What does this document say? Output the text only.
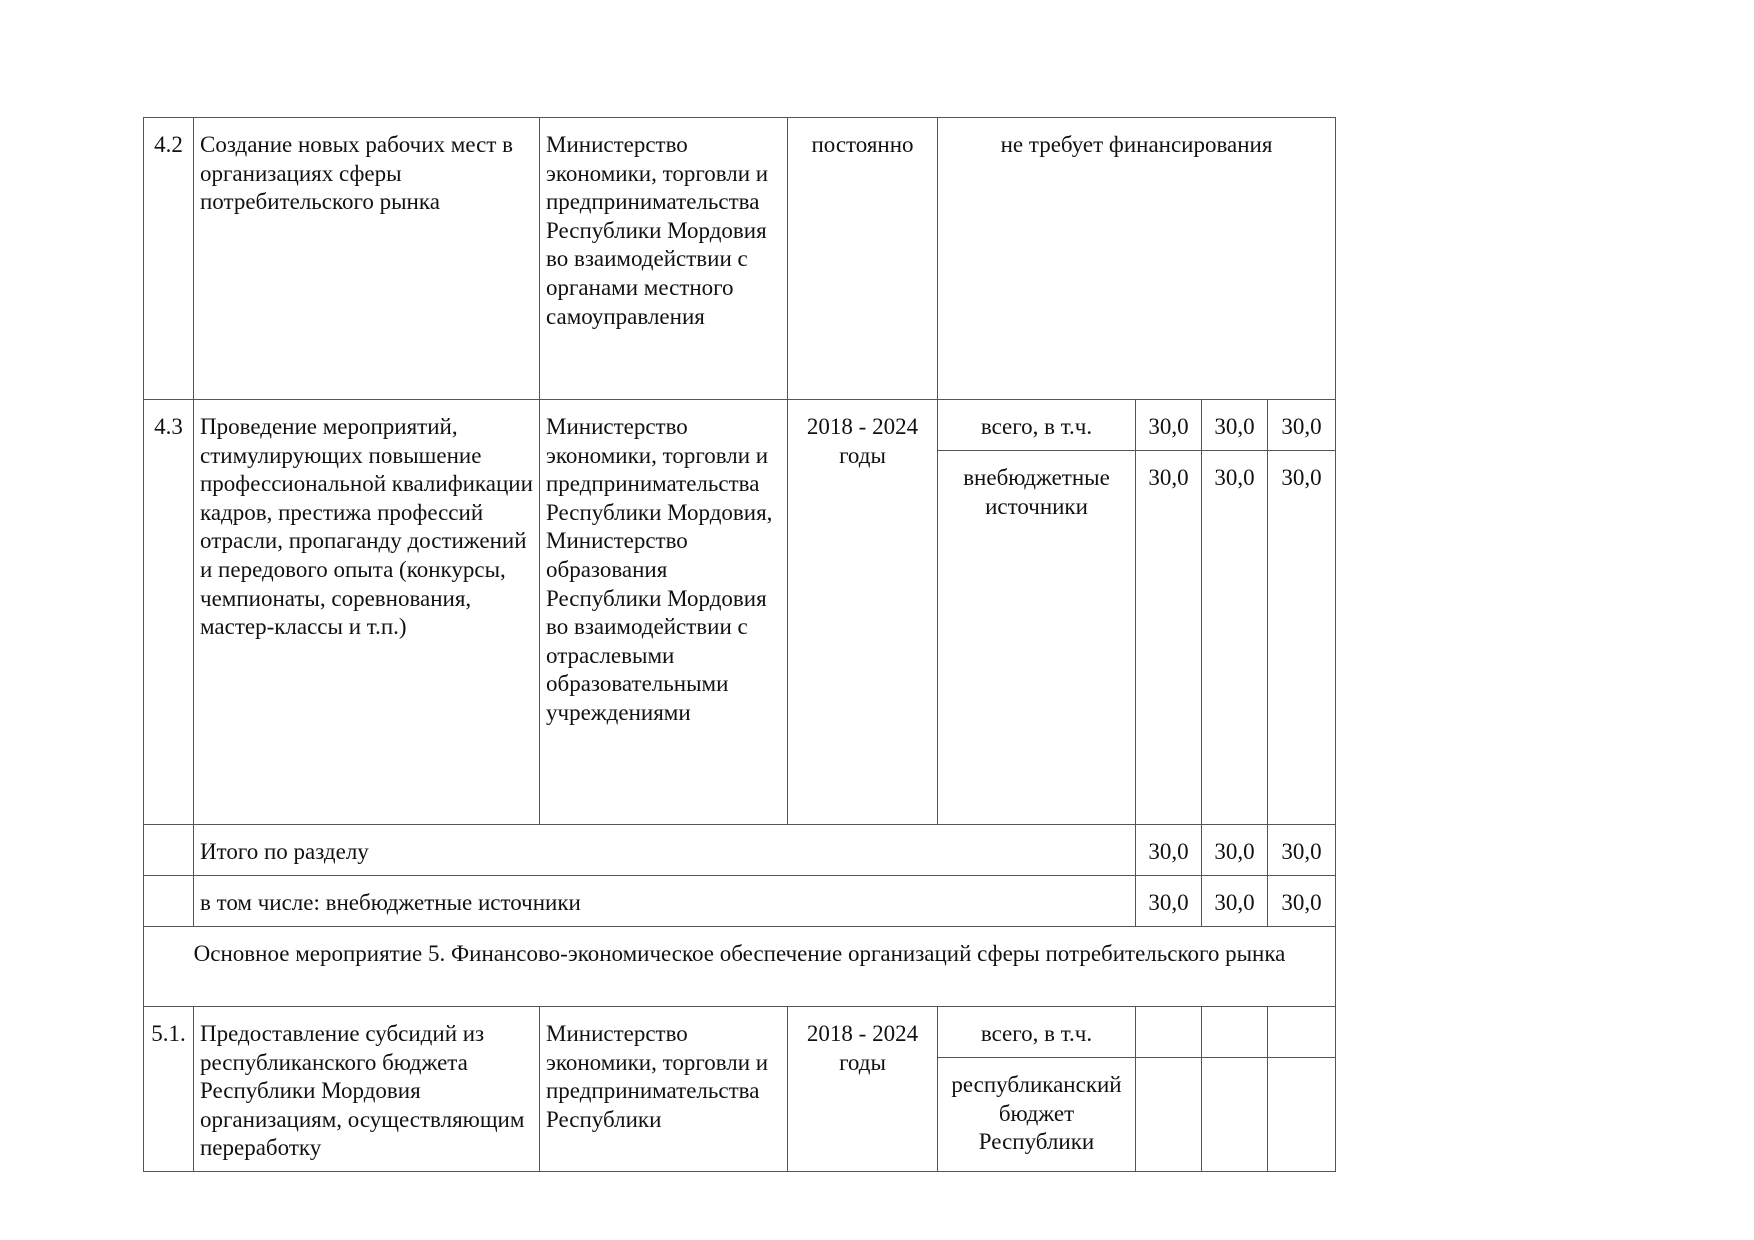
4.2	Создание новых рабочих мест в организациях сферы потребительского рынка	Министерство экономики, торговли и предпринимательства Республики Мордовия во взаимодействии с органами местного самоуправления	постоянно	не требует финансирования			
4.3	Проведение мероприятий, стимулирующих повышение профессиональной квалификации кадров, престижа профессий отрасли, пропаганду достижений и передового опыта (конкурсы, чемпионаты, соревнования, мастер-классы и т.п.)	Министерство экономики, торговли и предпринимательства Республики Мордовия, Министерство образования Республики Мордовия во взаимодействии с отраслевыми образовательными учреждениями	2018 - 2024 годы	всего, в т.ч.	30,0	30,0	30,0
				внебюджетные источники	30,0	30,0	30,0
	Итого по разделу				30,0	30,0	30,0
	в том числе: внебюджетные источники				30,0	30,0	30,0
Основное мероприятие 5. Финансово-экономическое обеспечение организаций сферы потребительского рынка							
5.1.	Предоставление субсидий из республиканского бюджета Республики Мордовия организациям, осуществляющим переработку	Министерство экономики, торговли и предпринимательства Республики	2018 - 2024 годы	всего, в т.ч.			
				республиканский бюджет Республики			
